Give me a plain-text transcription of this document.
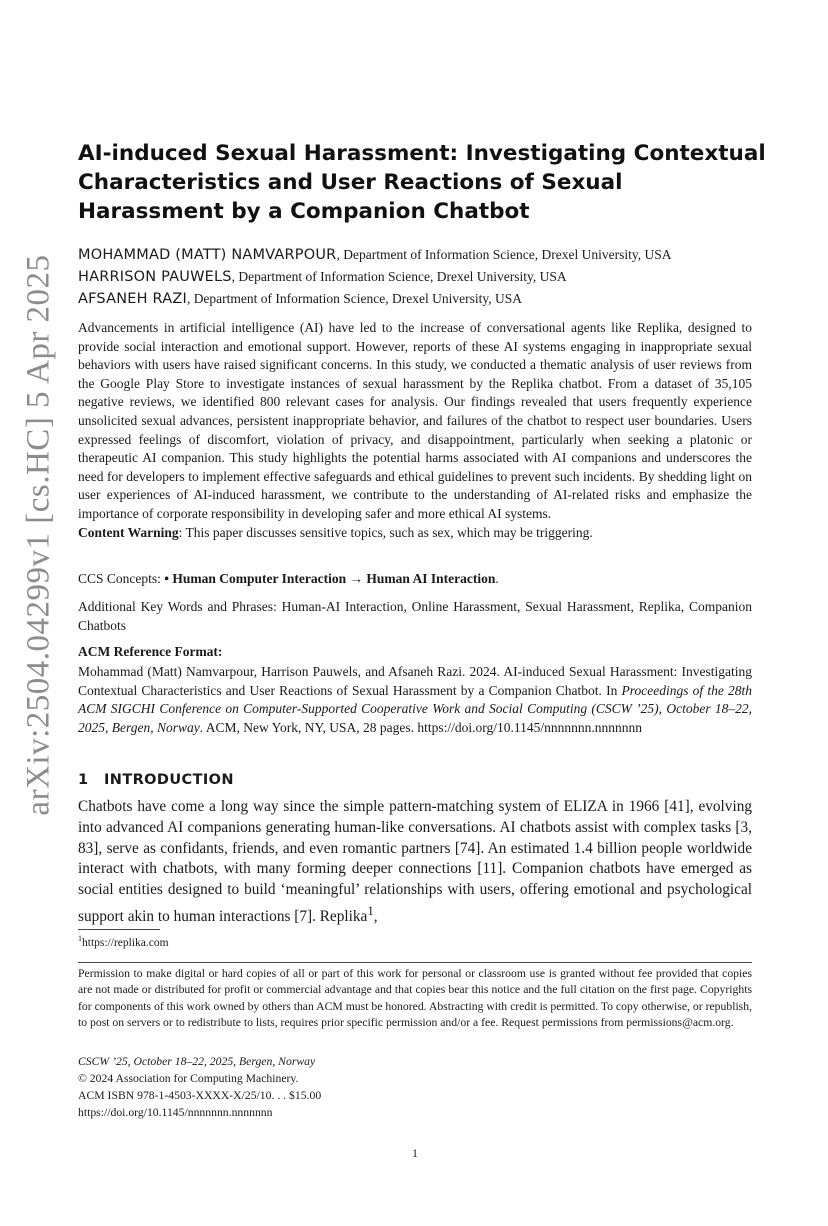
arXiv:2504.04299v1 [cs.HC] 5 Apr 2025
AI-induced Sexual Harassment: Investigating Contextual Characteristics and User Reactions of Sexual Harassment by a Companion Chatbot
MOHAMMAD (MATT) NAMVARPOUR, Department of Information Science, Drexel University, USA
HARRISON PAUWELS, Department of Information Science, Drexel University, USA
AFSANEH RAZI, Department of Information Science, Drexel University, USA

Advancements in artificial intelligence (AI) have led to the increase of conversational agents like Replika, designed to provide social interaction and emotional support. However, reports of these AI systems engaging in inappropriate sexual behaviors with users have raised significant concerns. In this study, we conducted a thematic analysis of user reviews from the Google Play Store to investigate instances of sexual harassment by the Replika chatbot. From a dataset of 35,105 negative reviews, we identified 800 relevant cases for analysis. Our findings revealed that users frequently experience unsolicited sexual advances, persistent inappropriate behavior, and failures of the chatbot to respect user boundaries. Users expressed feelings of discomfort, violation of privacy, and disappointment, particularly when seeking a platonic or therapeutic AI companion. This study highlights the potential harms associated with AI companions and underscores the need for developers to implement effective safeguards and ethical guidelines to prevent such incidents. By shedding light on user experiences of AI-induced harassment, we contribute to the understanding of AI-related risks and emphasize the importance of corporate responsibility in developing safer and more ethical AI systems.
Content Warning: This paper discusses sensitive topics, such as sex, which may be triggering.

CCS Concepts: • Human Computer Interaction → Human AI Interaction.

Additional Key Words and Phrases: Human-AI Interaction, Online Harassment, Sexual Harassment, Replika, Companion Chatbots

ACM Reference Format:

Mohammad (Matt) Namvarpour, Harrison Pauwels, and Afsaneh Razi. 2024. AI-induced Sexual Harassment: Investigating Contextual Characteristics and User Reactions of Sexual Harassment by a Companion Chatbot. In Proceedings of the 28th ACM SIGCHI Conference on Computer-Supported Cooperative Work and Social Computing (CSCW ’25), October 18–22, 2025, Bergen, Norway. ACM, New York, NY, USA, 28 pages. https://doi.org/10.1145/nnnnnnn.nnnnnnn

1 INTRODUCTION

Chatbots have come a long way since the simple pattern-matching system of ELIZA in 1966 [41], evolving into advanced AI companions generating human-like conversations. AI chatbots assist with complex tasks [3, 83], serve as confidants, friends, and even romantic partners [74]. An estimated 1.4 billion people worldwide interact with chatbots, with many forming deeper connections [11]. Companion chatbots have emerged as social entities designed to build ‘meaningful’ relationships with users, offering emotional and psychological support akin to human interactions [7]. Replika$^1$,

$^1$https://replika.com

Permission to make digital or hard copies of all or part of this work for personal or classroom use is granted without fee provided that copies are not made or distributed for profit or commercial advantage and that copies bear this notice and the full citation on the first page. Copyrights for components of this work owned by others than ACM must be honored. Abstracting with credit is permitted. To copy otherwise, or republish, to post on servers or to redistribute to lists, requires prior specific permission and/or a fee. Request permissions from permissions@acm.org.

CSCW ’25, October 18–22, 2025, Bergen, Norway
© 2024 Association for Computing Machinery.
ACM ISBN 978-1-4503-XXXX-X/25/10. . . $15.00
https://doi.org/10.1145/nnnnnnn.nnnnnnn
1
